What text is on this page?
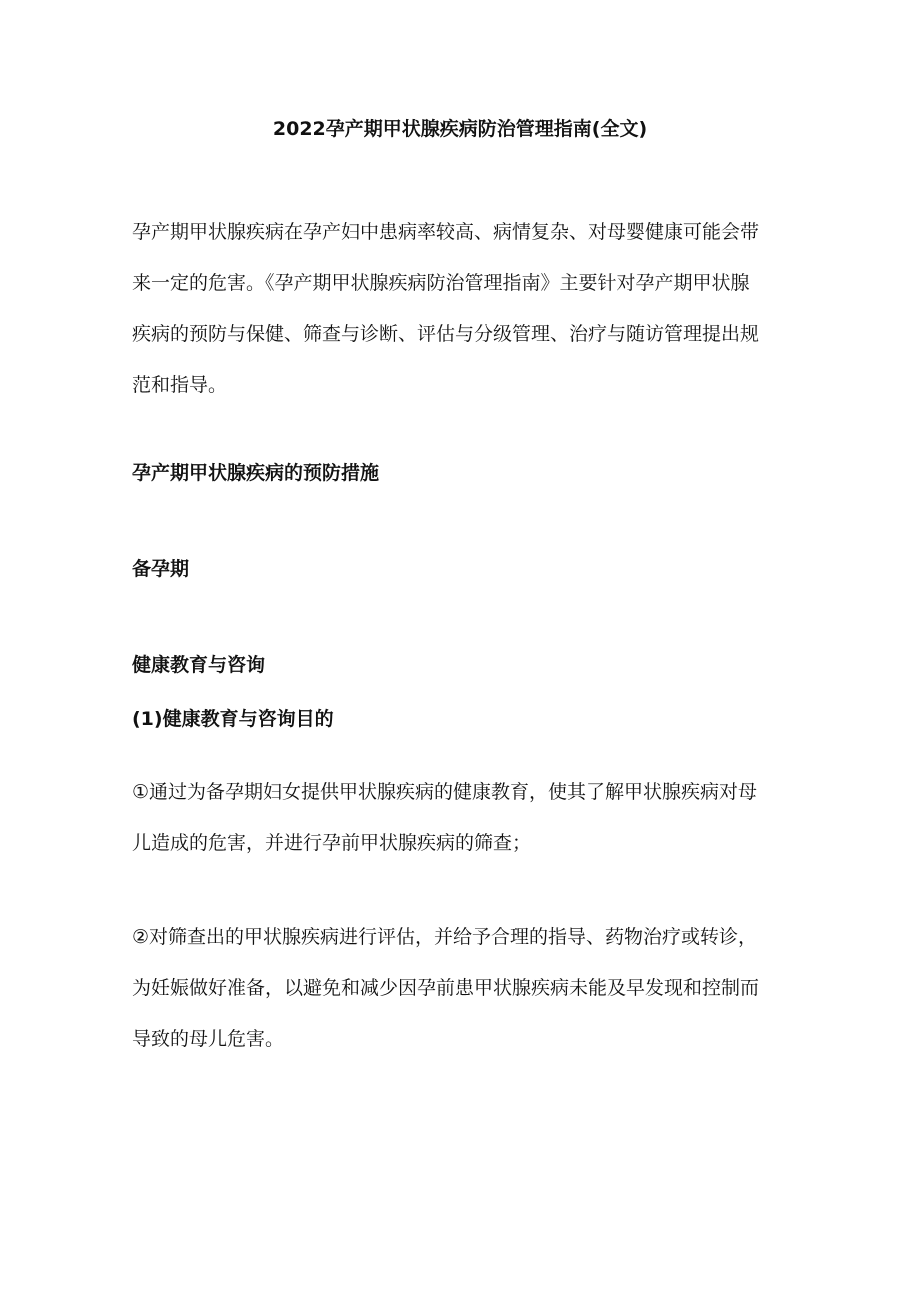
2022孕产期甲状腺疾病防治管理指南(全文)

孕产期甲状腺疾病在孕产妇中患病率较高、病情复杂、对母婴健康可能会带
来一定的危害。《孕产期甲状腺疾病防治管理指南》主要针对孕产期甲状腺
疾病的预防与保健、筛查与诊断、评估与分级管理、治疗与随访管理提出规
范和指导。

孕产期甲状腺疾病的预防措施
备孕期
健康教育与咨询
(1)健康教育与咨询目的

①通过为备孕期妇女提供甲状腺疾病的健康教育，使其了解甲状腺疾病对母
儿造成的危害，并进行孕前甲状腺疾病的筛查；

②对筛查出的甲状腺疾病进行评估，并给予合理的指导、药物治疗或转诊，
为妊娠做好准备，以避免和减少因孕前患甲状腺疾病未能及早发现和控制而
导致的母儿危害。
